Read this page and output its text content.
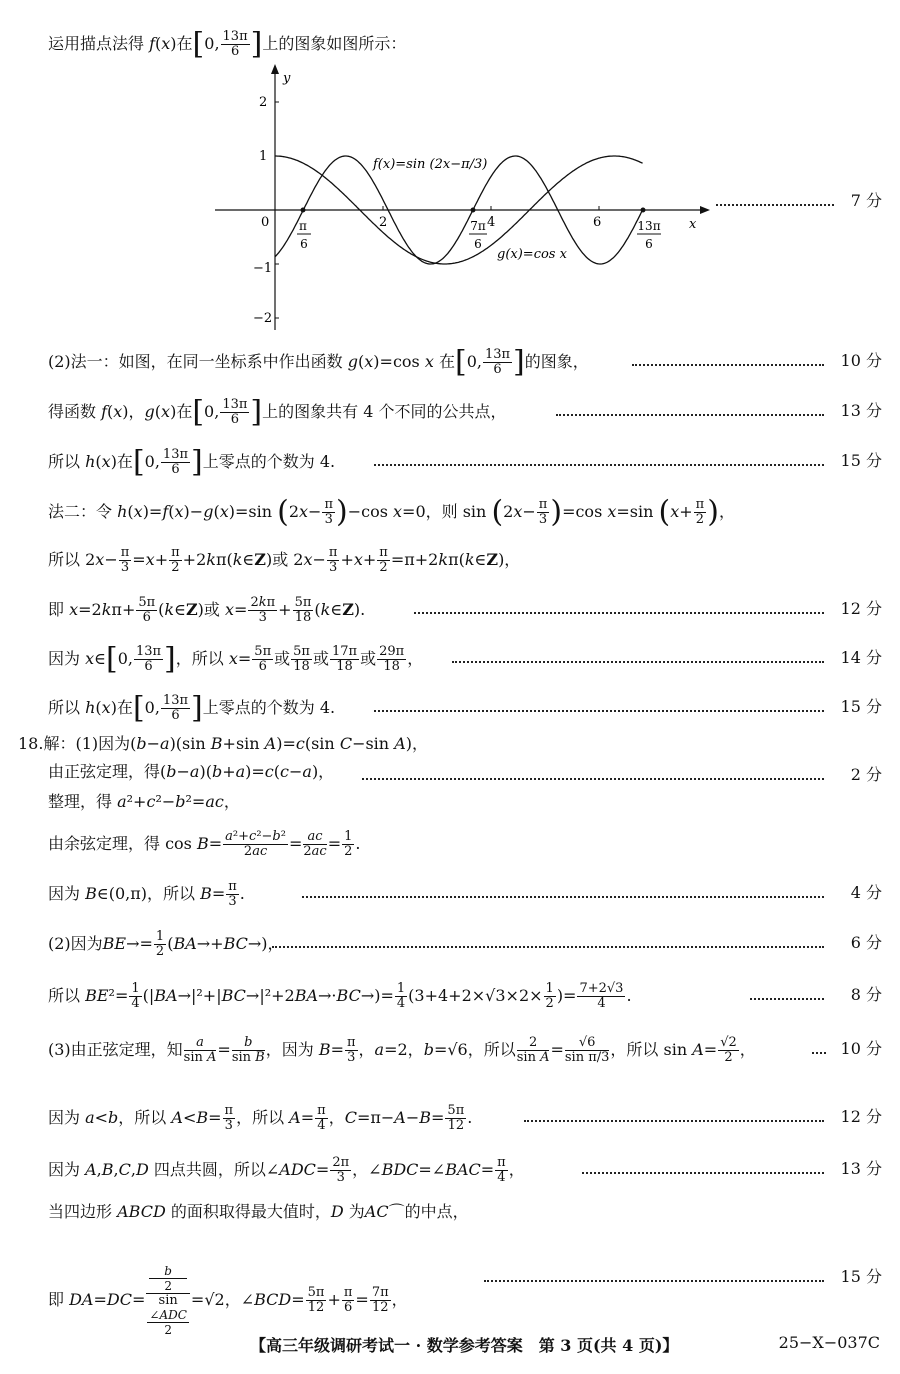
运用描点法得 f(x)在[0, $\frac{13\pi}{6}$ ]上的图象如图所示：
y
x
0
2
1
−1
−2
2	4	6
π
6
7π
6
13π
6
f(x)=sin (2x−π/3)
g(x)=cos x
7 分
(2)法一：如图，在同一坐标系中作出函数 g(x)=cos x 在[0, $\frac{13\pi}{6}$ ]的图象，	10 分
得函数 f(x)，g(x)在[0, $\frac{13\pi}{6}$ ]上的图象共有 4 个不同的公共点，	13 分
所以 h(x)在[0, $\frac{13\pi}{6}$ ]上零点的个数为 4.	15 分
法二：令 h(x)=f(x)−g(x)=sin $(2x- \frac{\pi}{3} )-\cos$ x=0，则 $\sin (2x- \frac{\pi}{3} )=\cos$ x=sin ($x+ \frac{\pi}{2}$ )，
所以 $2x- \frac{\pi}{3} =x+ \frac{\pi}{2}$ +2kπ(k∈Z)或 $2x- \frac{\pi}{3} +x+ \frac{\pi}{2}$ =π+2kπ(k∈Z)，
即 $x=2k\pi+ \frac{5\pi}{6}$ (k∈Z)或 $x= \frac{2k\pi}{3} + \frac{5\pi}{18}$ (k∈Z).	12 分
因为 x∈[0, $\frac{13\pi}{6}$ ]，所以 $x= \frac{5\pi}{6}$ 或 $\frac{5\pi}{18}$ 或 $\frac{17\pi}{18}$ 或 $\frac{29\pi}{18}$ ，	14 分
所以 h(x)在[0, $\frac{13\pi}{6}$ ]上零点的个数为 4.	15 分
18.解：(1)因为(b−a)(sin B+sin A)=c(sin C−sin A)，
由正弦定理，得(b−a)(b+a)=c(c−a)，	2 分
整理，得 a²+c²−b²=ac，
由余弦定理，得 $\cos B= \frac{\text{a²+c²−b²}}{2ac} = \frac{ac}{2ac} = \frac{1}{2}$ .
因为 B∈(0,π)，所以 $B= \frac{\pi}{3}$ .	4 分
(2)因为$BE\to= \frac{1}{2} (BA\to+BC\to)$，	6 分
所以 $BE^2= \frac{1}{4} (|BA\to|^2+|BC\to|^2+2BA\to\cdot BC\to)= \frac{1}{4} (3+4+2\times√3\times 2\times \frac{1}{2}$ )= $\frac{7+2√3}{4}$ .	8 分
(3)由正弦定理，知 $\frac{a}{\text{sin A}} = \frac{b}{\text{sin B}}$ ，因为 $B= \frac{\pi}{3}$ ，a=2，b=√6，所以 $\frac{2}{\text{sin A}} = \frac{√6}{\text{sin π/3}}$ ，所以 $\sin A= \frac{√2}{2}$ ，	10 分
因为 a<b，所以 $A<B= \frac{\pi}{3}$ ，所以 $A= \frac{\pi}{4}$ ，$C=\pi-A-B= \frac{5\pi}{12}$ .	12 分
因为 A,B,C,D 四点共圆，所以∠ADC= $\frac{2\pi}{3}$ ，∠BDC=∠BAC= $\frac{\pi}{4}$ ，	13 分
当四边形 ABCD 的面积取得最大值时，D 为AC⌒的中点，
即 DA=DC= b
2
sin
∠ADC
2 =√2，∠BCD= $\frac{5\pi}{12} + \frac{\pi}{6} = \frac{7\pi}{12}$ ，
15 分
【高三年级调研考试一 · 数学参考答案　第 3 页(共 4 页)】	25−X−037C
